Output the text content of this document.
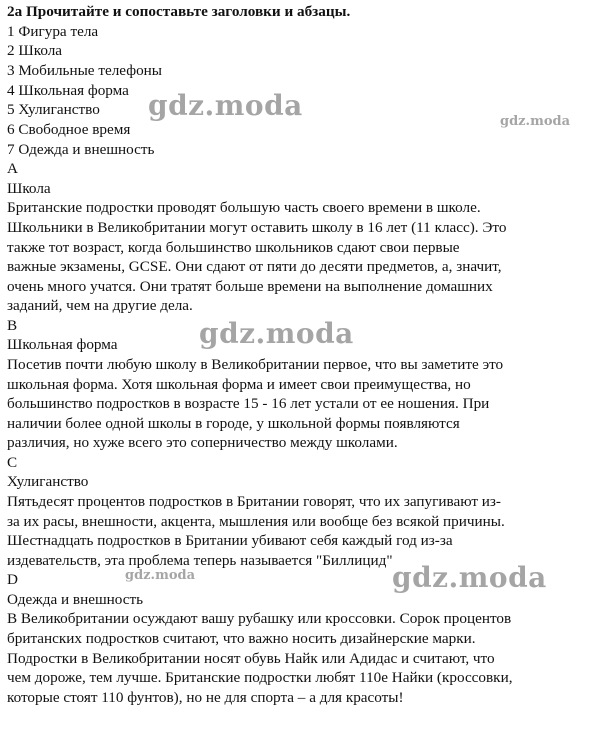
2a Прочитайте и сопоставьте заголовки и абзацы.
1 Фигура тела
2 Школа
3 Мобильные телефоны
4 Школьная форма
5 Хулиганство
6 Свободное время
7 Одежда и внешность
A
Школа
Британские подростки проводят большую часть своего времени в школе.
Школьники в Великобритании могут оставить школу в 16 лет (11 класс). Это
также тот возраст, когда большинство школьников сдают свои первые
важные экзамены, GCSE. Они сдают от пяти до десяти предметов, а, значит,
очень много учатся. Они тратят больше времени на выполнение домашних
заданий, чем на другие дела.
B
Школьная форма
Посетив почти любую школу в Великобритании первое, что вы заметите это
школьная форма. Хотя школьная форма и имеет свои преимущества, но
большинство подростков в возрасте 15 - 16 лет устали от ее ношения. При
наличии более одной школы в городе, у школьной формы появляются
различия, но хуже всего это соперничество между школами.
C
Хулиганство
Пятьдесят процентов подростков в Британии говорят, что их запугивают из-
за их расы, внешности, акцента, мышления или вообще без всякой причины.
Шестнадцать подростков в Британии убивают себя каждый год из-за
издевательств, эта проблема теперь называется "Биллицид"
D
Одежда и внешность
В Великобритании осуждают вашу рубашку или кроссовки. Сорок процентов
британских подростков считают, что важно носить дизайнерские марки.
Подростки в Великобритании носят обувь Найк или Адидас и считают, что
чем дороже, тем лучше. Британские подростки любят 110е Найки (кроссовки,
которые стоят 110 фунтов), но не для спорта – а для красоты!
gdz.moda	gdz.moda
gdz.moda
gdz.moda	gdz.moda
